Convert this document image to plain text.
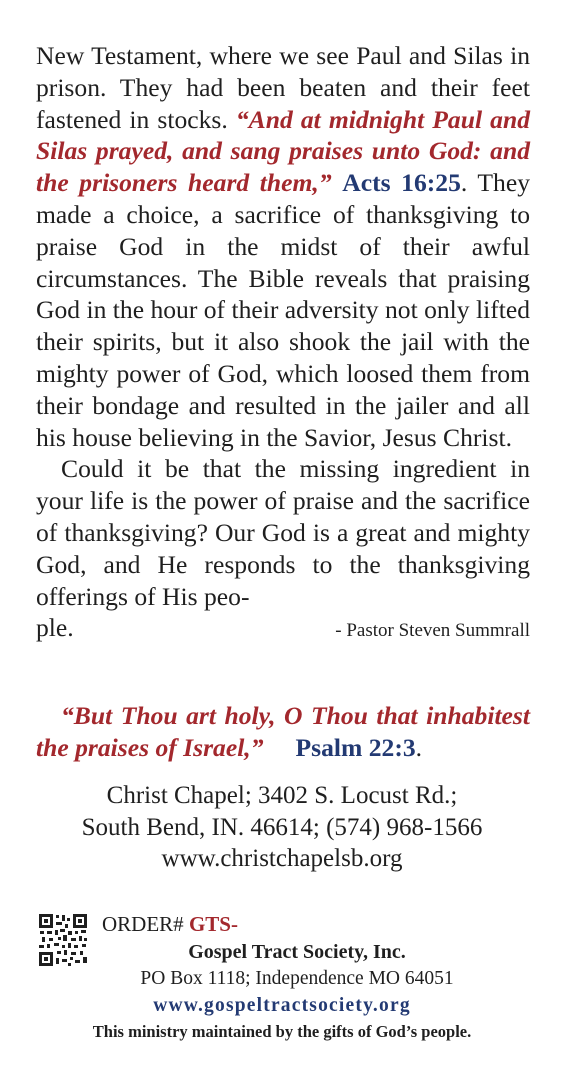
New Testament, where we see Paul and Silas in prison. They had been beaten and their feet fastened in stocks. “And at midnight Paul and Silas prayed, and sang praises unto God: and the prisoners heard them,” Acts 16:25. They made a choice, a sacrifice of thanksgiving to praise God in the midst of their awful circumstances. The Bible reveals that praising God in the hour of their adversity not only lifted their spirits, but it also shook the jail with the mighty power of God, which loosed them from their bondage and resulted in the jailer and all his house believing in the Savior, Jesus Christ.

Could it be that the missing ingredient in your life is the power of praise and the sacrifice of thanksgiving? Our God is a great and mighty God, and He responds to the thanksgiving offerings of His peo-

ple.	- Pastor Steven Summrall
“But Thou art holy, O Thou that inhabitest the praises of Israel,” Psalm 22:3.
Christ Chapel; 3402 S. Locust Rd.;
South Bend, IN. 46614; (574) 968-1566
www.christchapelsb.org
ORDER# GTS-
Gospel Tract Society, Inc.
PO Box 1118; Independence MO 64051
www.gospeltractsociety.org
This ministry maintained by the gifts of God’s people.
